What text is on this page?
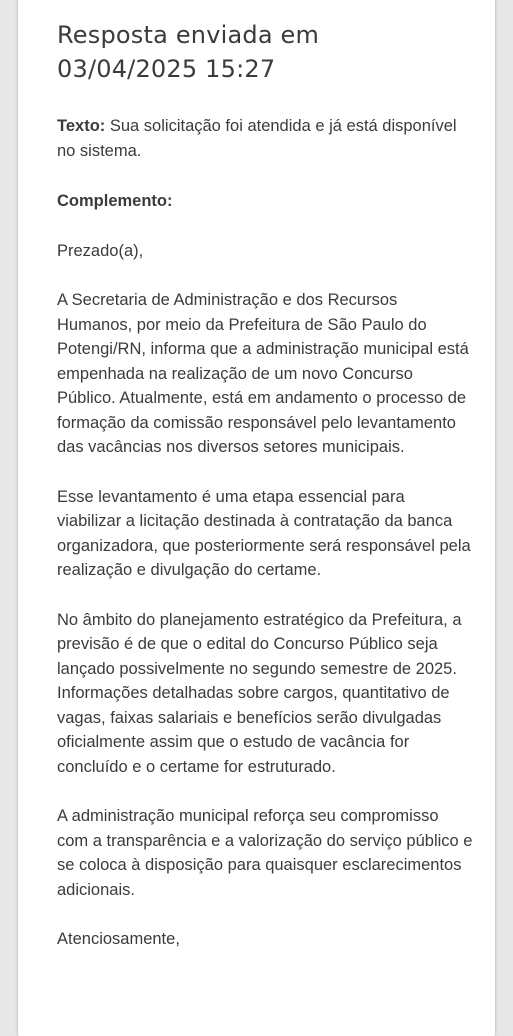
Resposta enviada em
03/04/2025 15:27

Texto: Sua solicitação foi atendida e já está disponível no sistema.

Complemento:

Prezado(a),

A Secretaria de Administração e dos Recursos Humanos, por meio da Prefeitura de São Paulo do Potengi/RN, informa que a administração municipal está empenhada na realização de um novo Concurso Público. Atualmente, está em andamento o processo de formação da comissão responsável pelo levantamento das vacâncias nos diversos setores municipais.

Esse levantamento é uma etapa essencial para viabilizar a licitação destinada à contratação da banca organizadora, que posteriormente será responsável pela realização e divulgação do certame.

No âmbito do planejamento estratégico da Prefeitura, a previsão é de que o edital do Concurso Público seja lançado possivelmente no segundo semestre de 2025. Informações detalhadas sobre cargos, quantitativo de vagas, faixas salariais e benefícios serão divulgadas oficialmente assim que o estudo de vacância for concluído e o certame for estruturado.

A administração municipal reforça seu compromisso com a transparência e a valorização do serviço público e se coloca à disposição para quaisquer esclarecimentos adicionais.

Atenciosamente,
